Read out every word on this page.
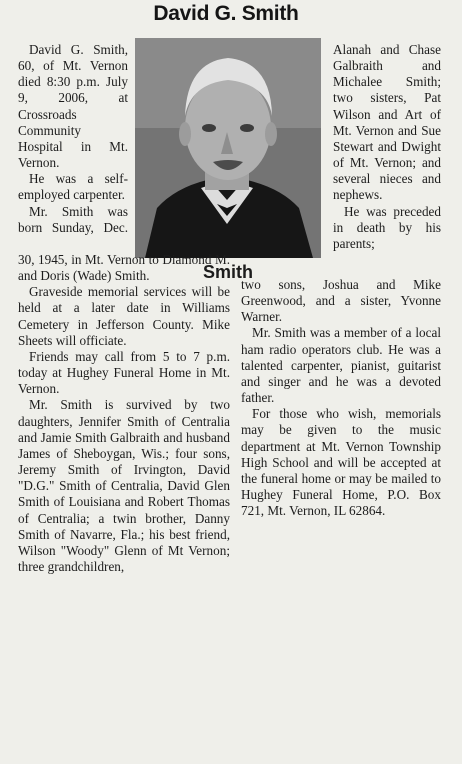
David G. Smith

David G. Smith, 60, of Mt. Vernon died 8:30 p.m. July 9, 2006, at Crossroads Community Hospital in Mt. Vernon.

He was a self-employed carpenter.

Mr. Smith was born Sunday, Dec.

Smith

Alanah and Chase Galbraith and Michalee Smith; two sisters, Pat Wilson and Art of Mt. Vernon and Sue Stewart and Dwight of Mt. Vernon; and several nieces and nephews.

He was preceded in death by his parents;

30, 1945, in Mt. Vernon to Diamond M. and Doris (Wade) Smith.

Graveside memorial services will be held at a later date in Williams Cemetery in Jefferson County. Mike Sheets will officiate.

Friends may call from 5 to 7 p.m. today at Hughey Funeral Home in Mt. Vernon.

Mr. Smith is survived by two daughters, Jennifer Smith of Centralia and Jamie Smith Galbraith and husband James of Sheboygan, Wis.; four sons, Jeremy Smith of Irvington, David "D.G." Smith of Centralia, David Glen Smith of Louisiana and Robert Thomas of Centralia; a twin brother, Danny Smith of Navarre, Fla.; his best friend, Wilson "Woody" Glenn of Mt Vernon; three grandchildren,

two sons, Joshua and Mike Greenwood, and a sister, Yvonne Warner.

Mr. Smith was a member of a local ham radio operators club. He was a talented carpenter, pianist, guitarist and singer and he was a devoted father.

For those who wish, memorials may be given to the music department at Mt. Vernon Township High School and will be accepted at the funeral home or may be mailed to Hughey Funeral Home, P.O. Box 721, Mt. Vernon, IL 62864.
